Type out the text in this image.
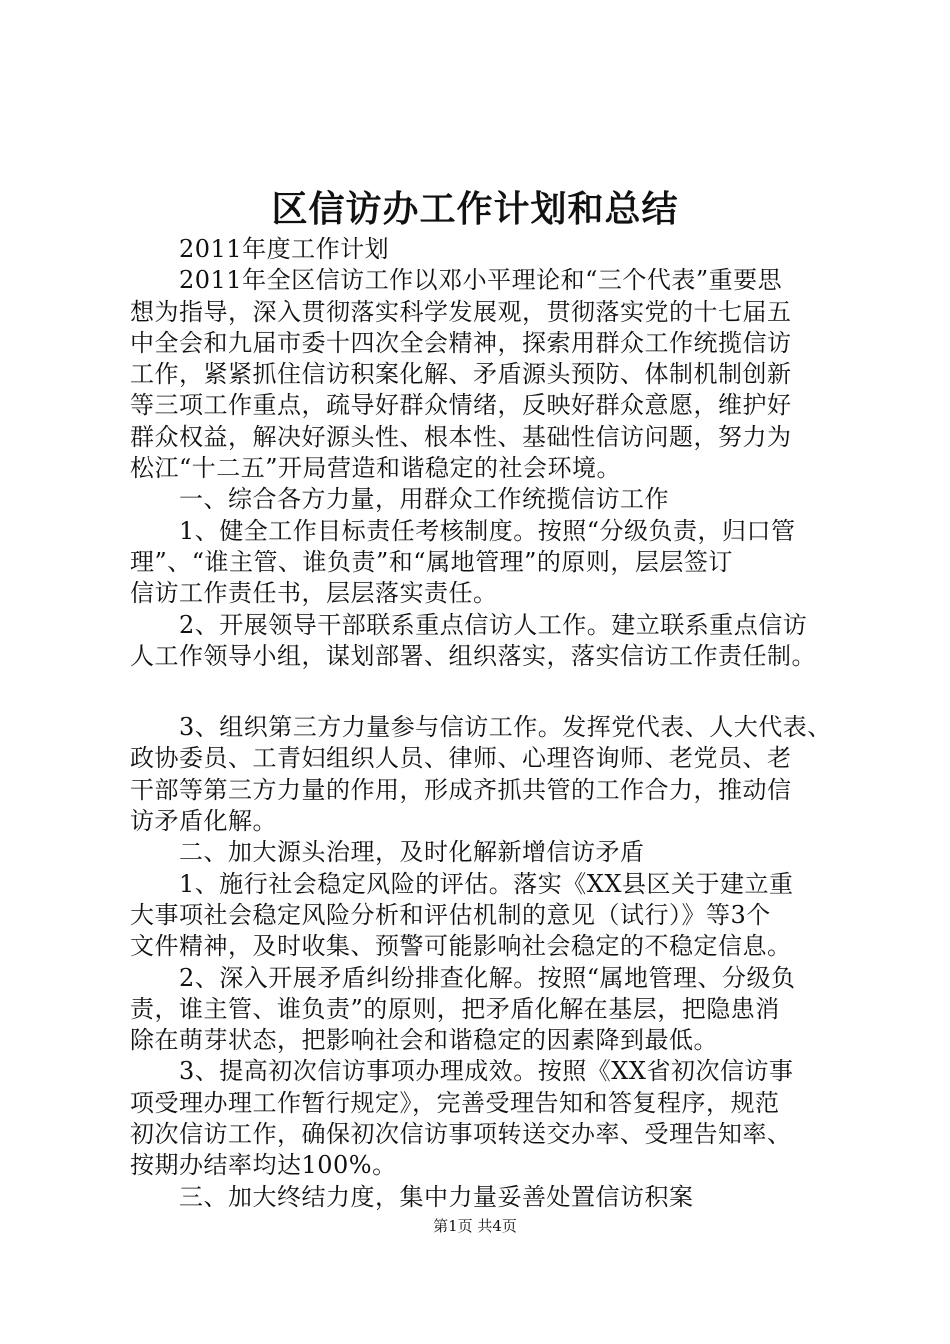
区信访办工作计划和总结
　　2011年度工作计划
　　2011年全区信访工作以邓小平理论和“三个代表”重要思
想为指导，深入贯彻落实科学发展观，贯彻落实党的十七届五
中全会和九届市委十四次全会精神，探索用群众工作统揽信访
工作，紧紧抓住信访积案化解、矛盾源头预防、体制机制创新
等三项工作重点，疏导好群众情绪，反映好群众意愿，维护好
群众权益，解决好源头性、根本性、基础性信访问题，努力为
松江“十二五”开局营造和谐稳定的社会环境。
　　一、综合各方力量，用群众工作统揽信访工作
　　1、健全工作目标责任考核制度。按照“分级负责，归口管
理”、“谁主管、谁负责”和“属地管理”的原则，层层签订
信访工作责任书，层层落实责任。
　　2、开展领导干部联系重点信访人工作。建立联系重点信访
人工作领导小组，谋划部署、组织落实，落实信访工作责任制。
　　3、组织第三方力量参与信访工作。发挥党代表、人大代表、
政协委员、工青妇组织人员、律师、心理咨询师、老党员、老
干部等第三方力量的作用，形成齐抓共管的工作合力，推动信
访矛盾化解。
　　二、加大源头治理，及时化解新增信访矛盾
　　1、施行社会稳定风险的评估。落实《XX县区关于建立重
大事项社会稳定风险分析和评估机制的意见（试行）》等3个
文件精神，及时收集、预警可能影响社会稳定的不稳定信息。
　　2、深入开展矛盾纠纷排查化解。按照“属地管理、分级负
责，谁主管、谁负责”的原则，把矛盾化解在基层，把隐患消
除在萌芽状态，把影响社会和谐稳定的因素降到最低。
　　3、提高初次信访事项办理成效。按照《XX省初次信访事
项受理办理工作暂行规定》，完善受理告知和答复程序，规范
初次信访工作，确保初次信访事项转送交办率、受理告知率、
按期办结率均达100%。
　　三、加大终结力度，集中力量妥善处置信访积案
第1页 共4页
